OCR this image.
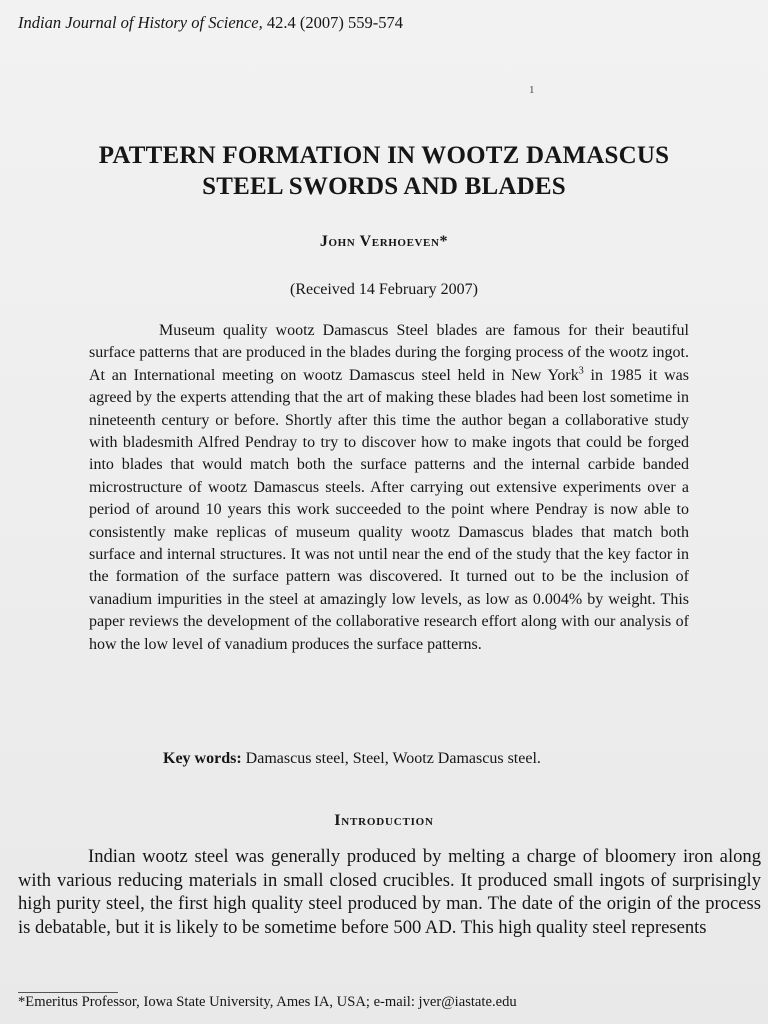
Indian Journal of History of Science, 42.4 (2007) 559-574
1
PATTERN FORMATION IN WOOTZ DAMASCUS
STEEL SWORDS AND BLADES
John Verhoeven*
(Received 14 February 2007)

Museum quality wootz Damascus Steel blades are famous for their beautiful surface patterns that are produced in the blades during the forging process of the wootz ingot. At an International meeting on wootz Damascus steel held in New York$^3$ in 1985 it was agreed by the experts attending that the art of making these blades had been lost sometime in nineteenth century or before. Shortly after this time the author began a collaborative study with bladesmith Alfred Pendray to try to discover how to make ingots that could be forged into blades that would match both the surface patterns and the internal carbide banded microstructure of wootz Damascus steels. After carrying out extensive experiments over a period of around 10 years this work succeeded to the point where Pendray is now able to consistently make replicas of museum quality wootz Damascus blades that match both surface and internal structures. It was not until near the end of the study that the key factor in the formation of the surface pattern was discovered. It turned out to be the inclusion of vanadium impurities in the steel at amazingly low levels, as low as 0.004% by weight. This paper reviews the development of the collaborative research effort along with our analysis of how the low level of vanadium produces the surface patterns.

Key words: Damascus steel, Steel, Wootz Damascus steel.
Introduction

Indian wootz steel was generally produced by melting a charge of bloomery iron along with various reducing materials in small closed crucibles. It produced small ingots of surprisingly high purity steel, the first high quality steel produced by man. The date of the origin of the process is debatable, but it is likely to be sometime before 500 AD. This high quality steel represents

*Emeritus Professor, Iowa State University, Ames IA, USA; e-mail: jver@iastate.edu
